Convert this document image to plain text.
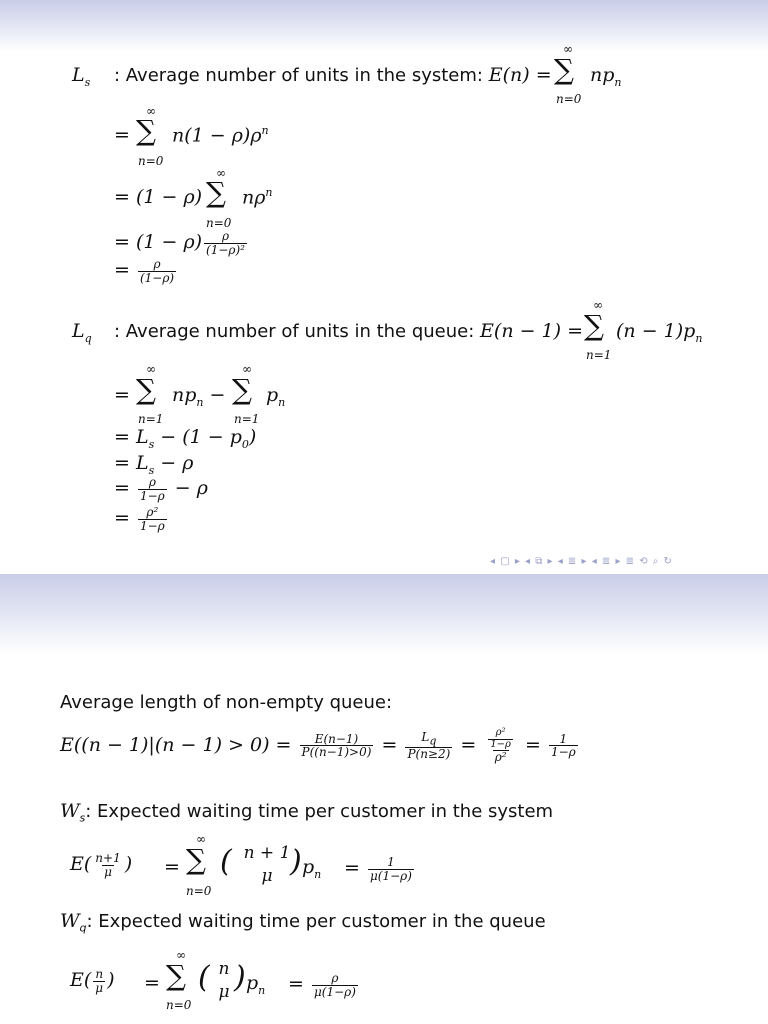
$L_s$ : Average number of units in the system: E(n) =
∞
∑
n=0
$np_n$
=
∞
∑
n=0
$n(1 - \rho)\rho^n$
= (1 − ρ)
∞
∑
n=0
$n\rho^n$
= $(1 - \rho) \frac{\rho}{\text{(1−ρ)²}}$
= $\frac{\rho}{(1-\rho)}$
$L_q$ : Average number of units in the queue: E(n − 1) =
∞
∑
n=1
$(n - 1)p_n$
=
∞
∑
n=1
$np_n$ −
∞
∑
n=1
$p_n$
= $L_s - (1 - p_0)$
= $L_s - \rho$
= $\frac{\rho}{1-\rho} - \rho$
= $\frac{\text{ρ²}}{1-\rho}$
◂ ▢ ▸ ◂ ⧉ ▸ ◂ ≣ ▸ ◂ ≣ ▸ ≣ ⟲ ⌕ ↻
Average length of non-empty queue:
$E((n - 1)|(n - 1) > 0) = \frac{E(n-1)}{P((n-1)>0)} = \frac{L_q}{P(n\ge 2)} = \frac{\frac{\text{ρ²}}{1-\rho}}{\text{ρ²}} = \frac{1}{1-\rho}$
$W_s$: Expected waiting time per customer in the system
$E( \frac{n+1}{\mu}$ ) =
∞
∑
n=0
( n + 1
μ ) $p_n = \frac{1}{\mu(1-\rho)}$
$W_q$: Expected waiting time per customer in the queue
$E( \frac{n}{\mu}$ ) =
∞
∑
n=0
( n
μ ) $p_n = \frac{\rho}{\mu(1-\rho)}$
